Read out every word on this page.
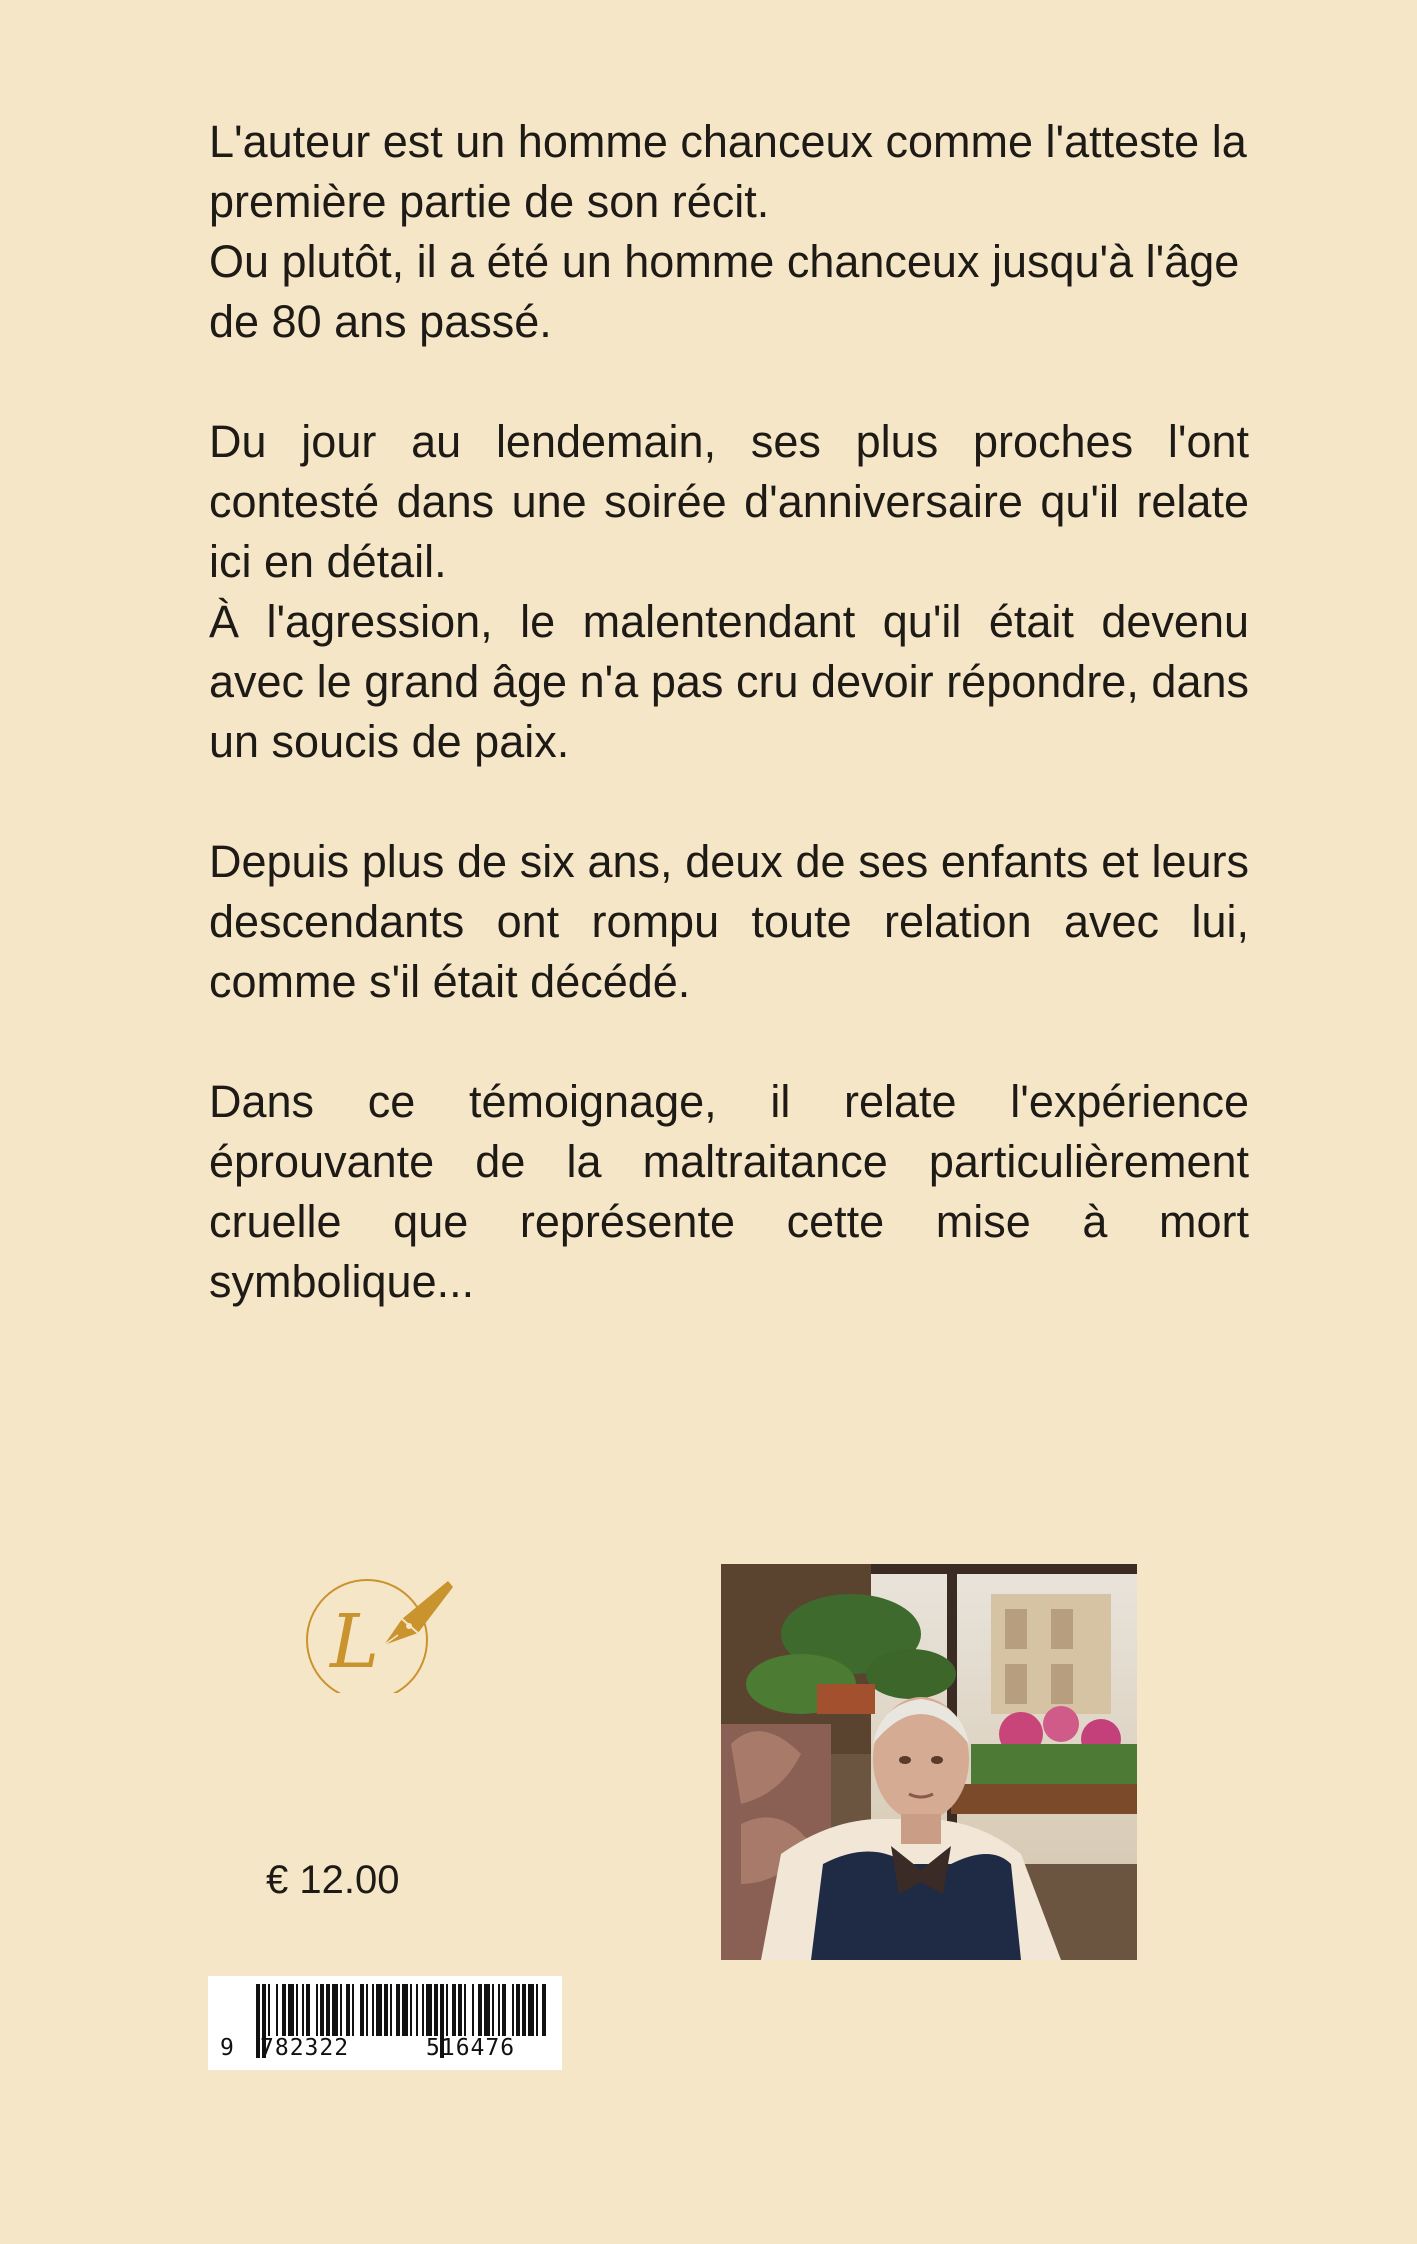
L'auteur est un homme chanceux comme l'atteste la première partie de son récit.
Ou plutôt, il a été un homme chanceux jusqu'à l'âge de 80 ans passé.

Du jour au lendemain, ses plus proches l'ont contesté dans une soirée d'anniversaire qu'il relate ici en détail.
À l'agression, le malentendant qu'il était devenu avec le grand âge n'a pas cru devoir répondre, dans un soucis de paix.

Depuis plus de six ans, deux de ses enfants et leurs descendants ont rompu toute relation avec lui, comme s'il était décédé.

Dans ce témoignage, il relate l'expérience éprouvante de la maltraitance particulièrement cruelle que représente cette mise à mort symbolique...

L
€ 12.00
9 782322	516476
